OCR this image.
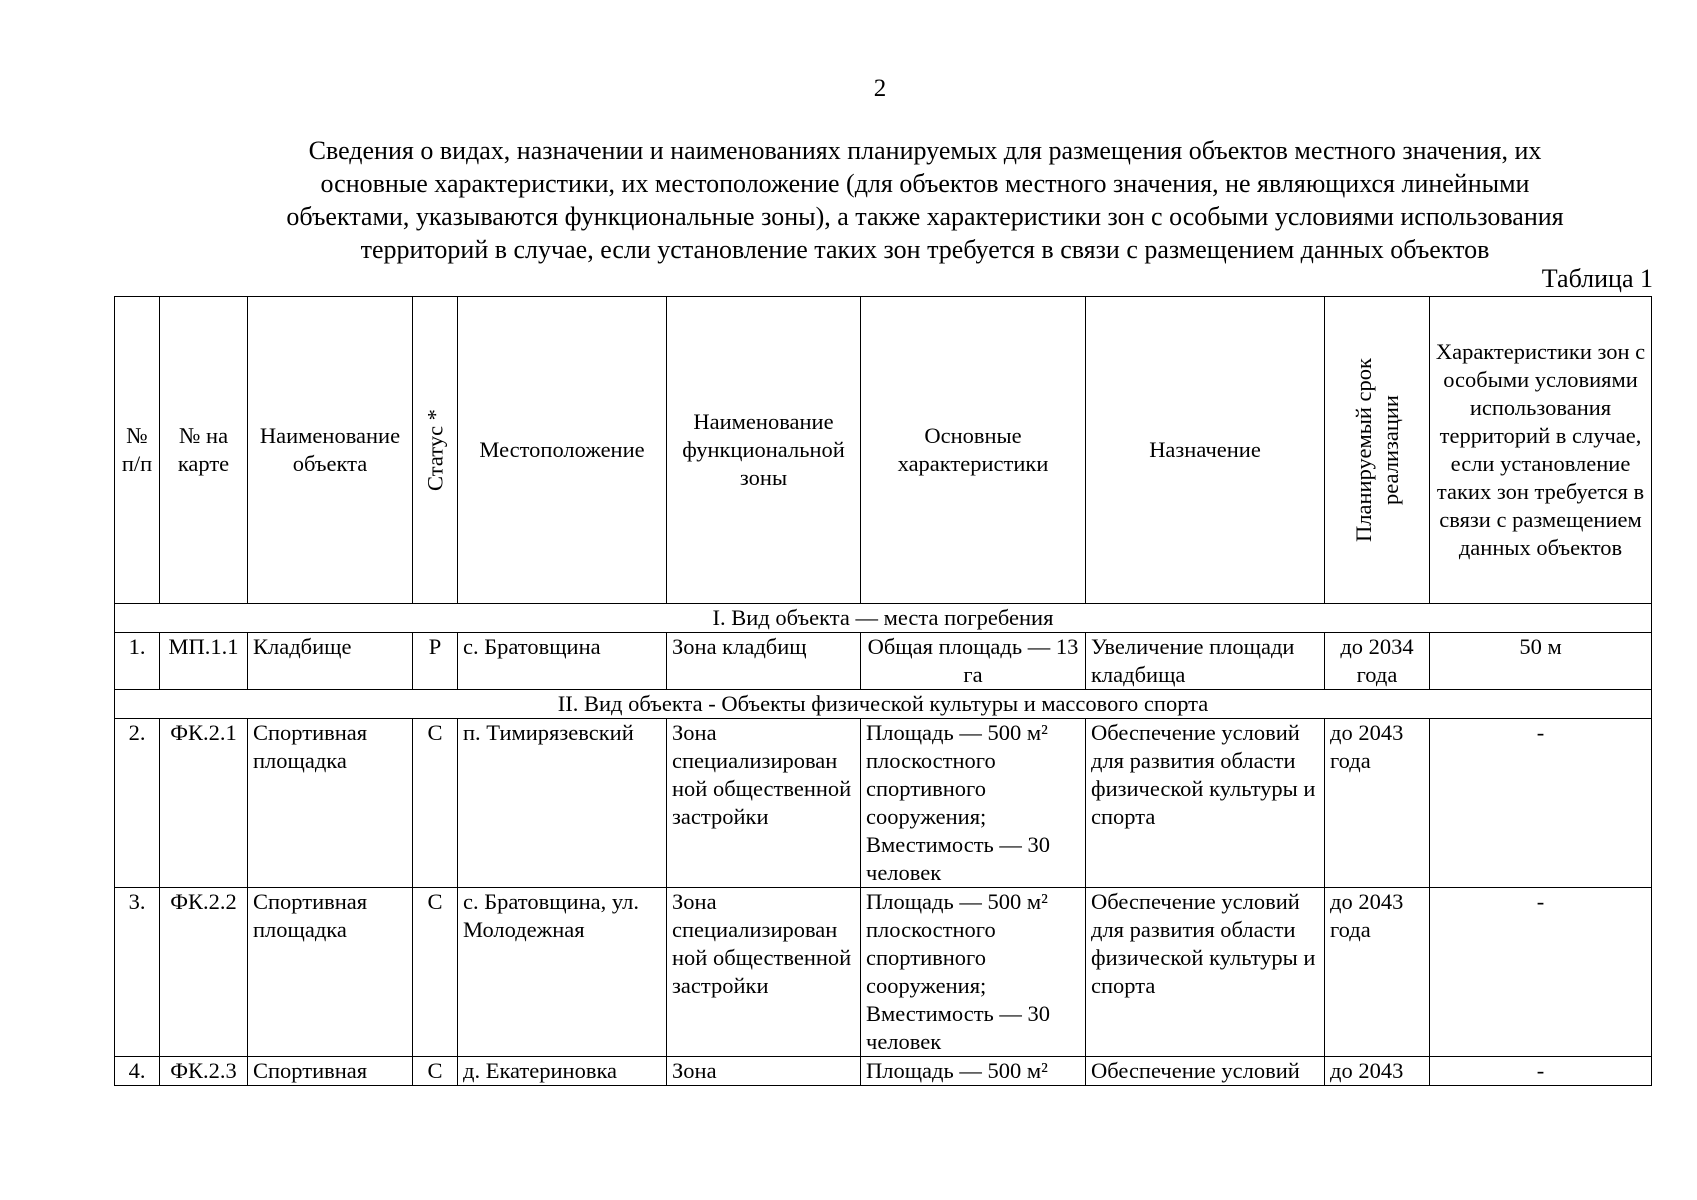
2
Сведения о видах, назначении и наименованиях планируемых для размещения объектов местного значения, их
основные характеристики, их местоположение (для объектов местного значения, не являющихся линейными
объектами, указываются функциональные зоны), а также характеристики зон с особыми условиями использования
территорий в случае, если установление таких зон требуется в связи с размещением данных объектов
Таблица 1
№ п/п	№ на карте	Наименование объекта	Статус *	Местоположение	Наименование функциональной зоны	Основные характеристики	Назначение	Планируемый срок реализации	Характеристики зон с особыми условиями использования территорий в случае, если установление таких зон требуется в связи с размещением данных объектов
I. Вид объекта — места погребения									
1.	МП.1.1	Кладбище	Р	с. Братовщина	Зона кладбищ	Общая площадь — 13 га	Увеличение площади кладбища	до 2034 года	50 м
II. Вид объекта - Объекты физической культуры и массового спорта									
2.	ФК.2.1	Спортивная площадка	С	п. Тимирязевский	Зона специализирован ной общественной застройки	Площадь — 500 м² плоскостного спортивного сооружения; Вместимость — 30 человек	Обеспечение условий для развития области физической культуры и спорта	до 2043 года	-
3.	ФК.2.2	Спортивная площадка	С	с. Братовщина, ул. Молодежная	Зона специализирован ной общественной застройки	Площадь — 500 м² плоскостного спортивного сооружения; Вместимость — 30 человек	Обеспечение условий для развития области физической культуры и спорта	до 2043 года	-
4.	ФК.2.3	Спортивная	С	д. Екатериновка	Зона	Площадь — 500 м²	Обеспечение условий	до 2043	-
